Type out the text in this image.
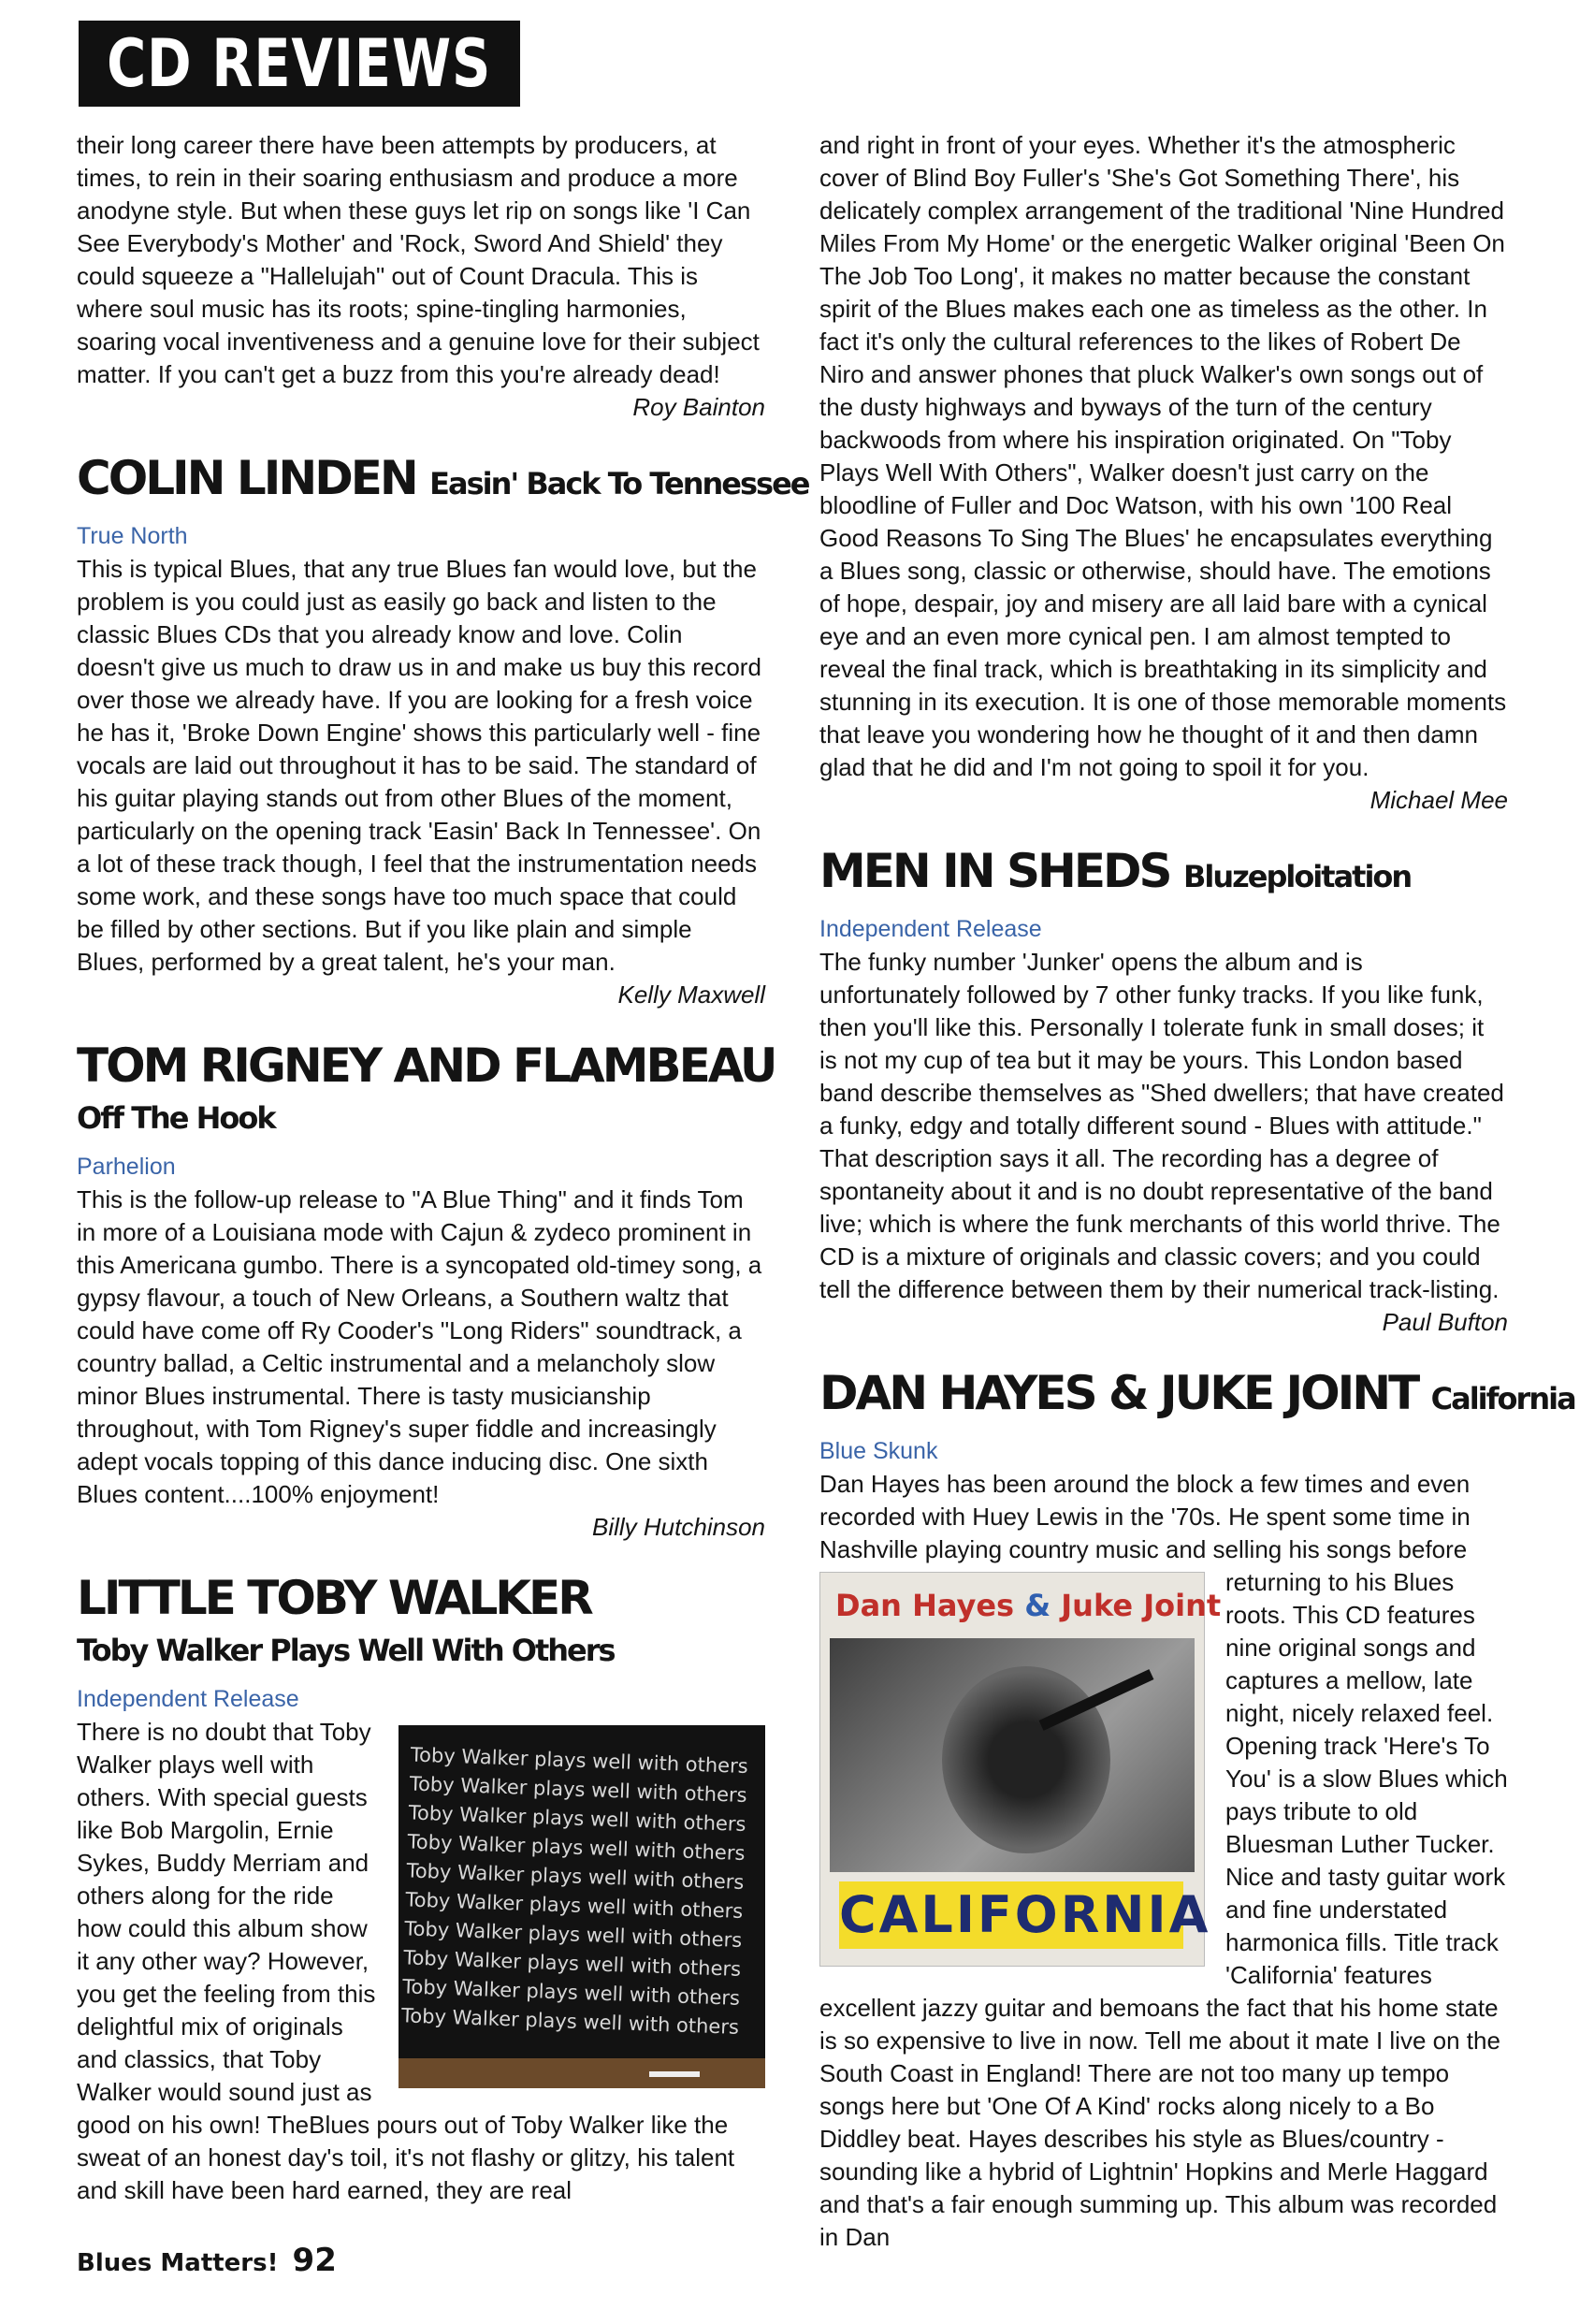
CD REVIEWS

their long career there have been attempts by producers, at times, to rein in their soaring enthusiasm and produce a more anodyne style. But when these guys let rip on songs like 'I Can See Everybody's Mother' and 'Rock, Sword And Shield' they could squeeze a "Hallelujah" out of Count Dracula. This is where soul music has its roots; spine-tingling harmonies, soaring vocal inventiveness and a genuine love for their subject matter. If you can't get a buzz from this you're already dead!

Roy Bainton
COLIN LINDEN Easin' Back To Tennessee
True North

This is typical Blues, that any true Blues fan would love, but the problem is you could just as easily go back and listen to the classic Blues CDs that you already know and love. Colin doesn't give us much to draw us in and make us buy this record over those we already have. If you are looking for a fresh voice he has it, 'Broke Down Engine' shows this particularly well - fine vocals are laid out throughout it has to be said. The standard of his guitar playing stands out from other Blues of the moment, particularly on the opening track 'Easin' Back In Tennessee'. On a lot of these track though, I feel that the instrumentation needs some work, and these songs have too much space that could be filled by other sections. But if you like plain and simple Blues, performed by a great talent, he's your man.

Kelly Maxwell
TOM RIGNEY AND FLAMBEAU
Off The Hook
Parhelion

This is the follow-up release to "A Blue Thing" and it finds Tom in more of a Louisiana mode with Cajun & zydeco prominent in this Americana gumbo. There is a syncopated old-timey song, a gypsy flavour, a touch of New Orleans, a Southern waltz that could have come off Ry Cooder's "Long Riders" soundtrack, a country ballad, a Celtic instrumental and a melancholy slow minor Blues instrumental. There is tasty musicianship throughout, with Tom Rigney's super fiddle and increasingly adept vocals topping of this dance inducing disc. One sixth Blues content....100% enjoyment!

Billy Hutchinson
LITTLE TOBY WALKER
Toby Walker Plays Well With Others
Independent Release
Toby Walker plays well with others
Toby Walker plays well with others
Toby Walker plays well with others
Toby Walker plays well with others
Toby Walker plays well with others
Toby Walker plays well with others
Toby Walker plays well with others
Toby Walker plays well with others
Toby Walker plays well with others
Toby Walker plays well with others

There is no doubt that Toby Walker plays well with others. With special guests like Bob Margolin, Ernie Sykes, Buddy Merriam and others along for the ride how could this album show it any other way? However, you get the feeling from this delightful mix of originals and classics, that Toby Walker would sound just as good on his own! TheBlues pours out of Toby Walker like the sweat of an honest day's toil, it's not flashy or glitzy, his talent and skill have been hard earned, they are real

and right in front of your eyes. Whether it's the atmospheric cover of Blind Boy Fuller's 'She's Got Something There', his delicately complex arrangement of the traditional 'Nine Hundred Miles From My Home' or the energetic Walker original 'Been On The Job Too Long', it makes no matter because the constant spirit of the Blues makes each one as timeless as the other. In fact it's only the cultural references to the likes of Robert De Niro and answer phones that pluck Walker's own songs out of the dusty highways and byways of the turn of the century backwoods from where his inspiration originated. On "Toby Plays Well With Others", Walker doesn't just carry on the bloodline of Fuller and Doc Watson, with his own '100 Real Good Reasons To Sing The Blues' he encapsulates everything a Blues song, classic or otherwise, should have. The emotions of hope, despair, joy and misery are all laid bare with a cynical eye and an even more cynical pen. I am almost tempted to reveal the final track, which is breathtaking in its simplicity and stunning in its execution. It is one of those memorable moments that leave you wondering how he thought of it and then damn glad that he did and I'm not going to spoil it for you.

Michael Mee
MEN IN SHEDS Bluzeploitation
Independent Release

The funky number 'Junker' opens the album and is unfortunately followed by 7 other funky tracks. If you like funk, then you'll like this. Personally I tolerate funk in small doses; it is not my cup of tea but it may be yours. This London based band describe themselves as "Shed dwellers; that have created a funky, edgy and totally different sound - Blues with attitude." That description says it all. The recording has a degree of spontaneity about it and is no doubt representative of the band live; which is where the funk merchants of this world thrive. The CD is a mixture of originals and classic covers; and you could tell the difference between them by their numerical track-listing.

Paul Bufton
DAN HAYES & JUKE JOINT California
Blue Skunk

Dan Hayes has been around the block a few times and even recorded with Huey Lewis in the '70s. He spent some time in Nashville playing country music and selling his songs before

Dan Hayes & Juke Joint
CALIFORNIA

returning to his Blues roots. This CD features nine original songs and captures a mellow, late night, nicely relaxed feel. Opening track 'Here's To You' is a slow Blues which pays tribute to old Bluesman Luther Tucker. Nice and tasty guitar work and fine understated harmonica fills. Title track 'California' features excellent jazzy guitar and bemoans the fact that his home state is so expensive to live in now. Tell me about it mate I live on the South Coast in England! There are not too many up tempo songs here but 'One Of A Kind' rocks along nicely to a Bo Diddley beat. Hayes describes his style as Blues/country - sounding like a hybrid of Lightnin' Hopkins and Merle Haggard and that's a fair enough summing up. This album was recorded in Dan

Blues Matters! 92
